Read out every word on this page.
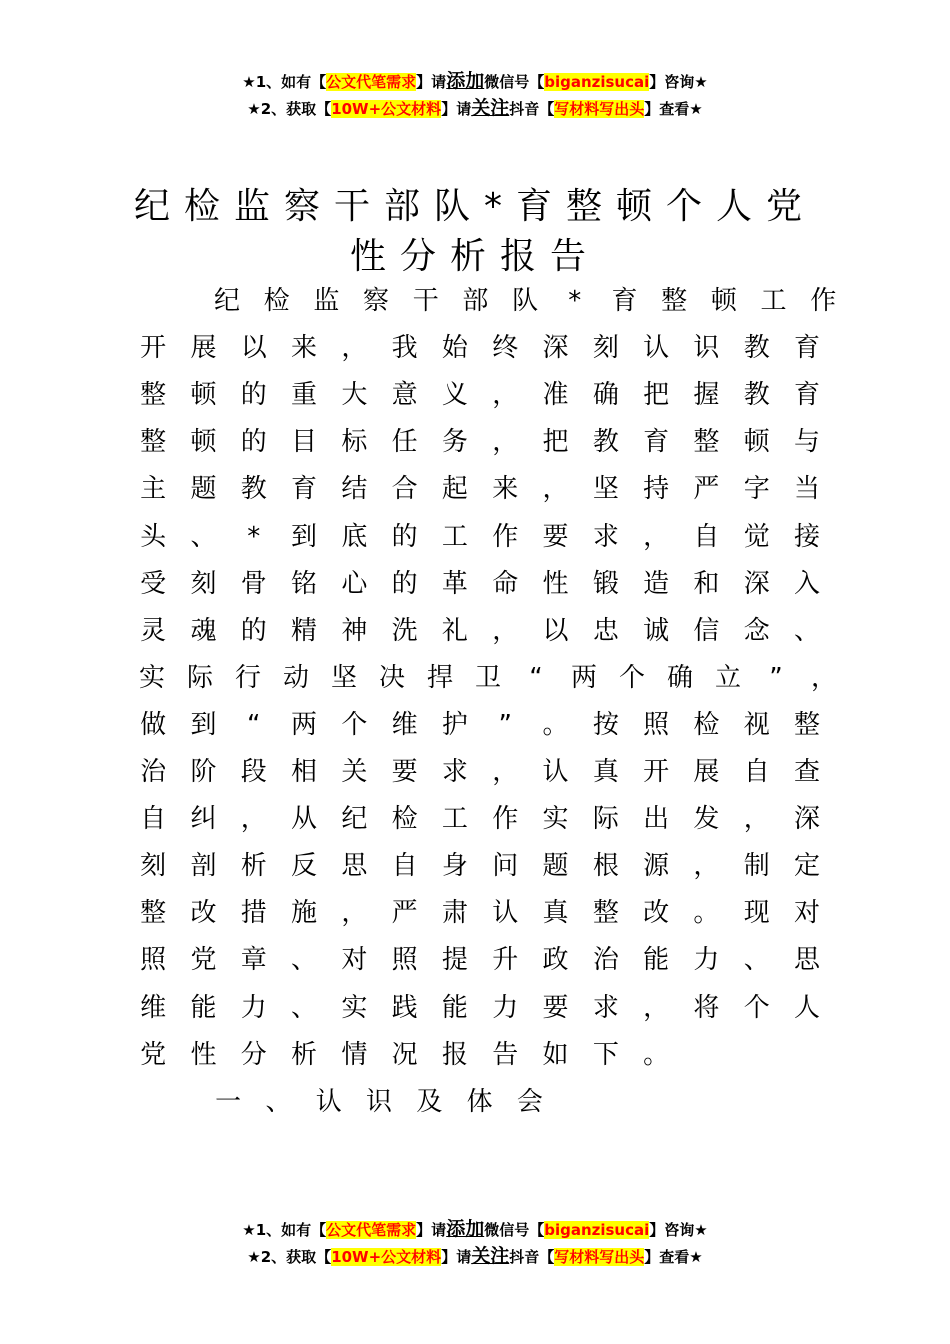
★1、如有【公文代笔需求】请添加微信号【biganzisucai】咨询★
★2、获取【10W+公文材料】请关注抖音【写材料写出头】查看★
纪检监察干部队*育整顿个人党
性分析报告

纪 检 监 察 干 部 队	*	育 整 顿 工 作
开 展 以 来 ， 我 始 终 深 刻 认 识 教 育
整 顿 的 重 大 意 义 ， 准 确 把 握 教 育
整 顿 的 目 标 任 务 ， 把 教 育 整 顿 与
主 题 教 育 结 合 起 来 ， 坚 持 严 字 当
头 、	*	到 底 的 工 作 要 求 ， 自 觉 接
受 刻 骨 铭 心 的 革 命 性 锻 造 和 深 入
灵 魂 的 精 神 洗 礼 ， 以 忠 诚 信 念 、
实 际 行 动 坚 决 捍 卫	“	两 个 确 立	”	，
做 到	“	两 个 维 护	”	。 按 照 检 视 整
治 阶 段 相 关 要 求 ， 认 真 开 展 自 查
自 纠 ， 从 纪 检 工 作 实 际 出 发 ， 深
刻 剖 析 反 思 自 身 问 题 根 源 ， 制 定
整 改 措 施 ， 严 肃 认 真 整 改 。 现 对
照 党 章 、 对 照 提 升 政 治 能 力 、 思
维 能 力 、 实 践 能 力 要 求 ， 将 个 人
党 性 分 析 情 况 报 告 如 下 。

一 、 认 识 及 体 会
★1、如有【公文代笔需求】请添加微信号【biganzisucai】咨询★
★2、获取【10W+公文材料】请关注抖音【写材料写出头】查看★
